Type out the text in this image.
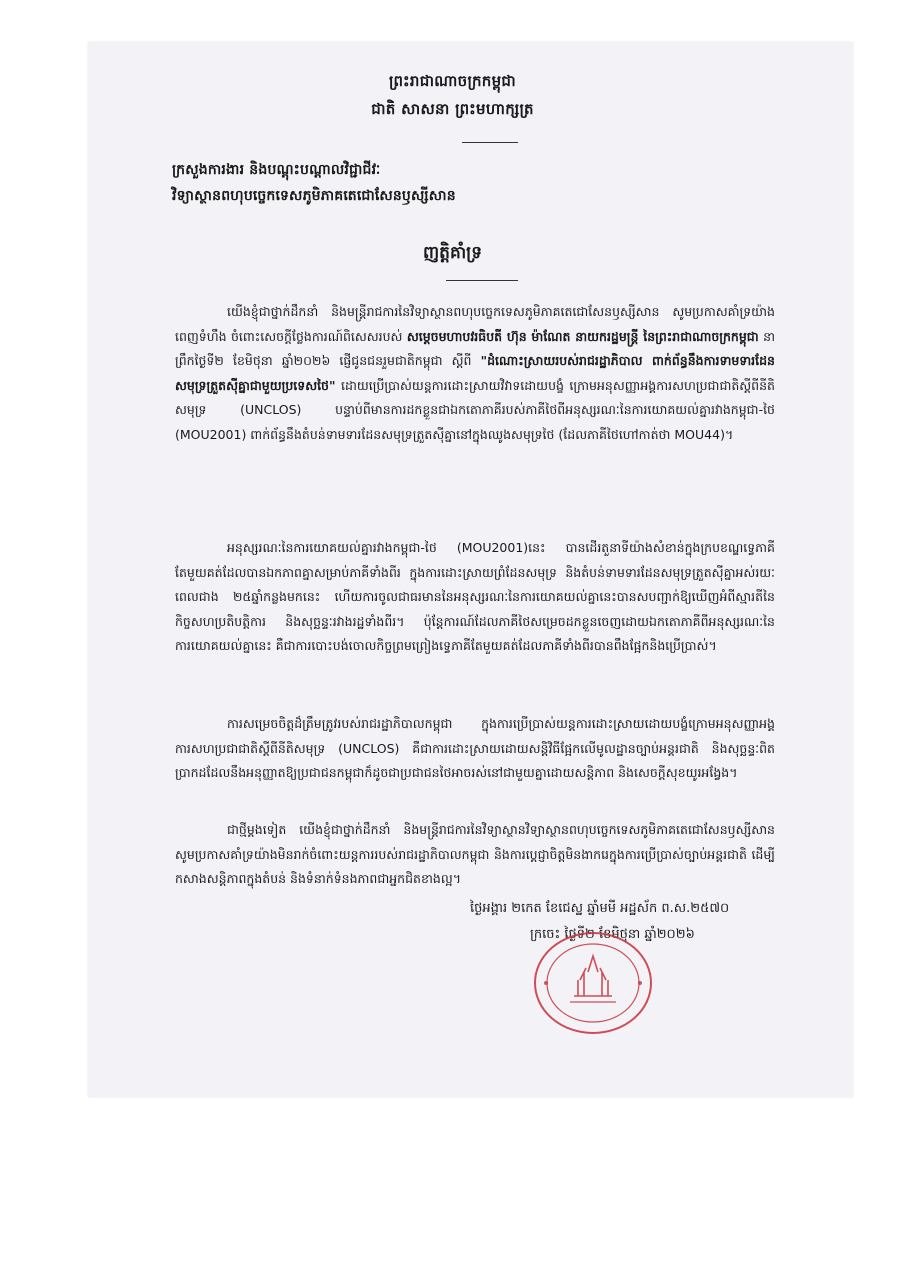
ព្រះរាជាណាចក្រកម្ពុជា
ជាតិ សាសនា ព្រះមហាក្សត្រ
ក្រសួងការងារ និងបណ្តុះបណ្តាលវិជ្ជាជីវៈ
វិទ្យាស្ថានពហុបច្ចេកទេសភូមិភាគតេជោសែនឫស្សីសាន
ញត្តិគាំទ្រ
យើងខ្ញុំជាថ្នាក់ដឹកនាំ និងមន្ត្រីរាជការនៃវិទ្យាស្ថានពហុបច្ចេកទេសភូមិភាគតេជោសែនឫស្សីសាន សូមប្រកាសគាំទ្រយ៉ាងពេញទំហឹង ចំពោះសេចក្តីថ្លែងការណ៍ពិសេសរបស់ សម្តេចមហាបវរធិបតី ហ៊ុន ម៉ាណែត នាយករដ្ឋមន្ត្រី នៃព្រះរាជាណាចក្រកម្ពុជា នាព្រឹកថ្ងៃទី២ ខែមិថុនា ឆ្នាំ២០២៦ ផ្ញើជូនជនរួមជាតិកម្ពុជា ស្តីពី "ដំណោះស្រាយរបស់រាជរដ្ឋាភិបាល ពាក់ព័ន្ធនឹងការទាមទារដែនសមុទ្រត្រួតស៊ីគ្នាជាមួយប្រទេសថៃ" ដោយប្រើប្រាស់យន្តការដោះស្រាយវិវាទដោយបង្ខំ ក្រោមអនុសញ្ញាអង្គការសហប្រជាជាតិស្តីពីនីតិសមុទ្រ (UNCLOS) បន្ទាប់ពីមានការដកខ្លួនជាឯកតោភាគីរបស់ភាគីថៃពីអនុស្សរណៈនៃការយោគយល់គ្នារវាងកម្ពុជា-ថៃ (MOU2001) ពាក់ព័ន្ធនឹងតំបន់ទាមទារដែនសមុទ្រត្រួតស៊ីគ្នានៅក្នុងឈូងសមុទ្រថៃ (ដែលភាគីថៃហៅកាត់ថា MOU44)។
អនុស្សរណៈនៃការយោគយល់គ្នារវាងកម្ពុជា-ថៃ (MOU2001)នេះ បានដើរតួនាទីយ៉ាងសំខាន់ក្នុងក្របខណ្ឌទ្វេភាគីតែមួយគត់ដែលបានឯកភាពគ្នាសម្រាប់ភាគីទាំងពីរ ក្នុងការដោះស្រាយព្រំដែនសមុទ្រ និងតំបន់ទាមទារដែនសមុទ្រត្រួតស៊ីគ្នាអស់រយៈពេលជាង ២៥ឆ្នាំកន្លងមកនេះ ហើយការចូលជាធរមាននៃអនុស្សរណៈនៃការយោគយល់គ្នានេះបានសបញ្ជាក់ឱ្យឃើញអំពីស្មារតីនៃកិច្ចសហប្រតិបត្តិការ និងសុច្ឆន្ទៈរវាងរដ្ឋទាំងពីរ។ ប៉ុន្តែការណ៍ដែលភាគីថៃសម្រេចដកខ្លួនចេញដោយឯកតោភាគីពីអនុស្សរណៈនៃការយោគយល់គ្នានេះ គឺជាការបោះបង់ចោលកិច្ចព្រមព្រៀងទ្វេភាគីតែមួយគត់ដែលភាគីទាំងពីរបានពឹងផ្អែកនិងប្រើប្រាស់។
ការសម្រេចចិត្តដ៏ត្រឹមត្រូវរបស់រាជរដ្ឋាភិបាលកម្ពុជា ក្នុងការប្រើប្រាស់យន្តការដោះស្រាយដោយបង្ខំក្រោមអនុសញ្ញាអង្គការសហប្រជាជាតិស្តីពីនីតិសមុទ្រ (UNCLOS) គឺជាការដោះស្រាយដោយសន្តិវិធីផ្អែកលើមូលដ្ឋានច្បាប់អន្តរជាតិ និងសុច្ឆន្ទៈពិតប្រាកដដែលនឹងអនុញ្ញាតឱ្យប្រជាជនកម្ពុជាក៏ដូចជាប្រជាជនថៃអាចរស់នៅជាមួយគ្នាដោយសន្តិភាព និងសេចក្តីសុខយូរអង្វែង។
ជាថ្មីម្តងទៀត យើងខ្ញុំជាថ្នាក់ដឹកនាំ និងមន្ត្រីរាជការនៃវិទ្យាស្ថានវិទ្យាស្ថានពហុបច្ចេកទេសភូមិភាគតេជោសែនឫស្សីសាន សូមប្រកាសគាំទ្រយ៉ាងមិនរាក់ចំពោះយន្តការរបស់រាជរដ្ឋាភិបាលកម្ពុជា និងការប្តេជ្ញាចិត្តមិនងាករេក្នុងការប្រើប្រាស់ច្បាប់អន្តរជាតិ ដើម្បីកសាងសន្តិភាពក្នុងតំបន់ និងទំនាក់ទំនងភាពជាអ្នកជិតខាងល្អ។
ថ្ងៃអង្គារ ២កេត ខែជេស្ឋ ឆ្នាំមមី អដ្ឋស័ក ព.ស.២៥៧០
ក្រចេះ ថ្ងៃទី២ ខែមិថុនា ឆ្នាំ២០២៦
